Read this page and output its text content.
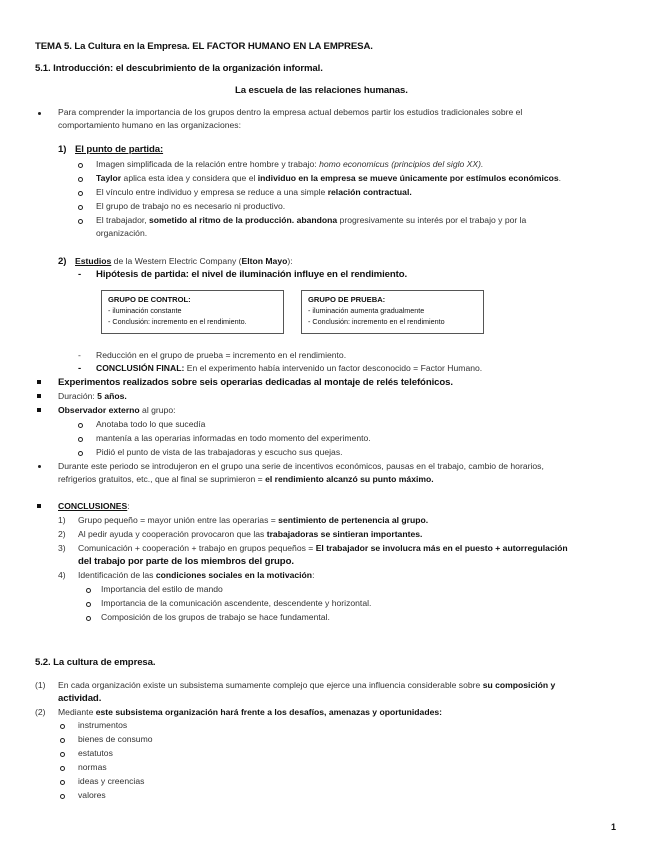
TEMA 5. La Cultura en la Empresa. EL FACTOR HUMANO EN LA EMPRESA.
5.1. Introducción: el descubrimiento de la organización informal.
La escuela de las relaciones humanas.
Para comprender la importancia de los grupos dentro la empresa actual debemos partir los estudios tradicionales sobre el
comportamiento humano en las organizaciones:
1) El punto de partida:
Imagen simplificada de la relación entre hombre y trabajo: homo economicus (principios del siglo XX).
Taylor aplica esta idea y considera que el individuo en la empresa se mueve únicamente por estímulos económicos.
El vínculo entre individuo y empresa se reduce a una simple relación contractual.
El grupo de trabajo no es necesario ni productivo.
El trabajador, sometido al ritmo de la producción. abandona progresivamente su interés por el trabajo y por la
organización.
2) Estudios de la Western Electric Company (Elton Mayo):
- Hipótesis de partida: el nivel de iluminación influye en el rendimiento.
GRUPO DE CONTROL:
- iluminación constante
- Conclusión: incremento en el rendimiento.
GRUPO DE PRUEBA:
- iluminación aumenta gradualmente
- Conclusión: incremento en el rendimiento
- Reducción en el grupo de prueba = incremento en el rendimiento.
- CONCLUSIÓN FINAL: En el experimento había intervenido un factor desconocido = Factor Humano.
Experimentos realizados sobre seis operarias dedicadas al montaje de relés telefónicos.
Duración: 5 años.
Observador externo al grupo:
Anotaba todo lo que sucedía
mantenía a las operarias informadas en todo momento del experimento.
Pidió el punto de vista de las trabajadoras y escucho sus quejas.
Durante este periodo se introdujeron en el grupo una serie de incentivos económicos, pausas en el trabajo, cambio de horarios,
refrigerios gratuitos, etc., que al final se suprimieron = el rendimiento alcanzó su punto máximo.
CONCLUSIONES:
1) Grupo pequeño = mayor unión entre las operarias = sentimiento de pertenencia al grupo.
2) Al pedir ayuda y cooperación provocaron que las trabajadoras se sintieran importantes.
3) Comunicación + cooperación + trabajo en grupos pequeños = El trabajador se involucra más en el puesto + autorregulación
del trabajo por parte de los miembros del grupo.
4) Identificación de las condiciones sociales en la motivación:
Importancia del estilo de mando
Importancia de la comunicación ascendente, descendente y horizontal.
Composición de los grupos de trabajo se hace fundamental.
5.2. La cultura de empresa.
(1) En cada organización existe un subsistema sumamente complejo que ejerce una influencia considerable sobre su composición y
actividad.
(2) Mediante este subsistema organización hará frente a los desafíos, amenazas y oportunidades:
instrumentos
bienes de consumo
estatutos
normas
ideas y creencias
valores
1
